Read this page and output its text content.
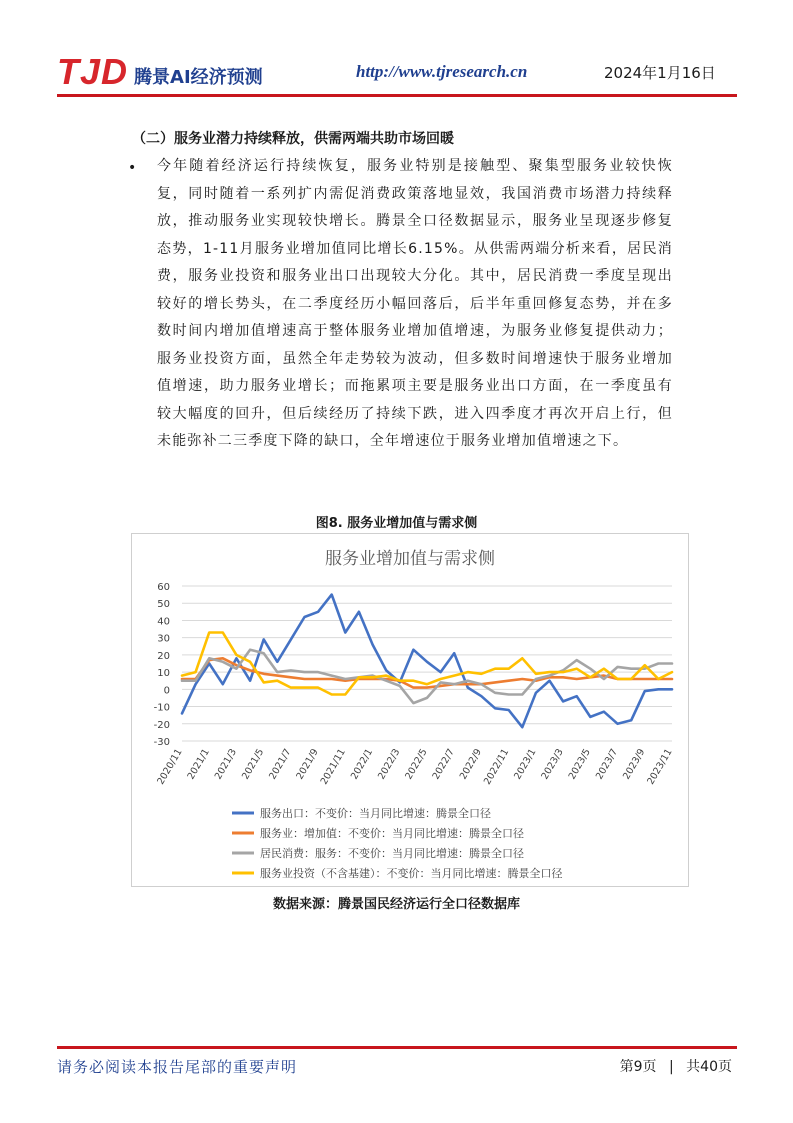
TJD 腾景AI经济预测	http://www.tjresearch.cn	2024年1月16日
（二）服务业潜力持续释放，供需两端共助市场回暖
• 今年随着经济运行持续恢复，服务业特别是接触型、聚集型服务业较快恢复，同时随着一系列扩内需促消费政策落地显效，我国消费市场潜力持续释放，推动服务业实现较快增长。腾景全口径数据显示，服务业呈现逐步修复态势，1-11月服务业增加值同比增长6.15%。从供需两端分析来看，居民消费，服务业投资和服务业出口出现较大分化。其中，居民消费一季度呈现出较好的增长势头，在二季度经历小幅回落后，后半年重回修复态势，并在多数时间内增加值增速高于整体服务业增加值增速，为服务业修复提供动力；服务业投资方面，虽然全年走势较为波动，但多数时间增速快于服务业增加值增速，助力服务业增长；而拖累项主要是服务业出口方面，在一季度虽有较大幅度的回升，但后续经历了持续下跌，进入四季度才再次开启上行，但未能弥补二三季度下降的缺口，全年增速位于服务业增加值增速之下。
图8. 服务业增加值与需求侧
服务业增加值与需求侧
-30
-20
-10
0
10
20
30
40
50
60
2020/11 2021/1 2021/3 2021/5 2021/7 2021/9
2021/11 2022/1 2022/3 2022/5 2022/7 2022/9
2022/11 2023/1 2023/3 2023/5 2023/7 2023/9
2023/11
服务出口：不变价：当月同比增速：腾景全口径
服务业：增加值：不变价：当月同比增速：腾景全口径
居民消费：服务：不变价：当月同比增速：腾景全口径
服务业投资（不含基建）：不变价：当月同比增速：腾景全口径
数据来源：腾景国民经济运行全口径数据库
请务必阅读本报告尾部的重要声明	第9页 | 共40页
